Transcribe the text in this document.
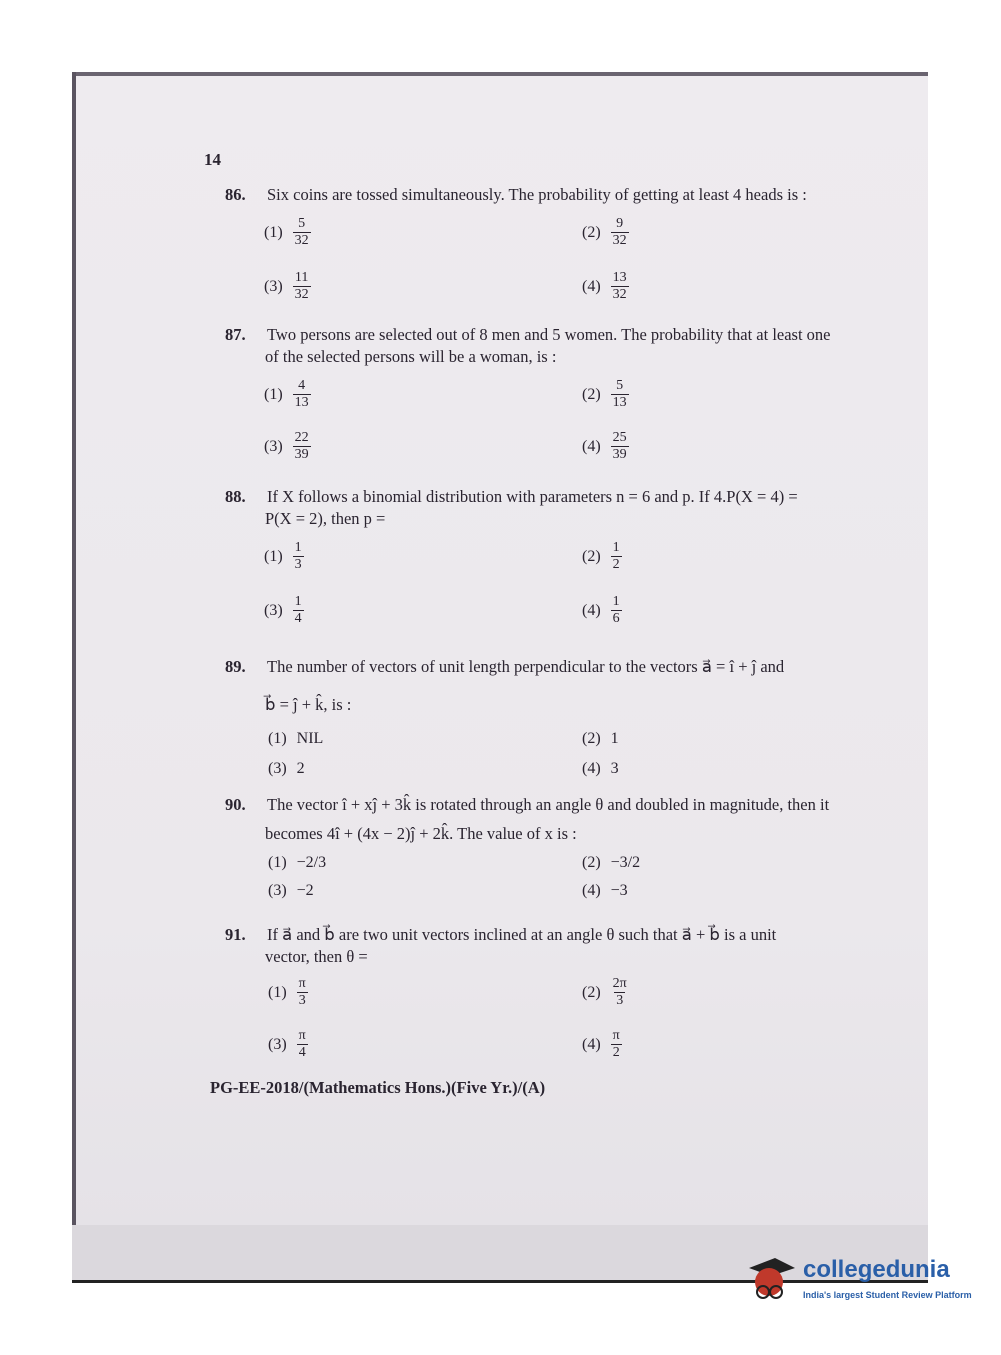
14
86. Six coins are tossed simultaneously. The probability of getting at least 4 heads is :
$(1) \frac{5}{32}$	$(2) \frac{9}{32}$
$(3) \frac{11}{32}$	$(4) \frac{13}{32}$
87. Two persons are selected out of 8 men and 5 women. The probability that at least one
of the selected persons will be a woman, is :
$(1) \frac{4}{13}$	$(2) \frac{5}{13}$
$(3) \frac{22}{39}$	$(4) \frac{25}{39}$
88. If X follows a binomial distribution with parameters n = 6 and p. If 4.P(X = 4) =
P(X = 2), then p =
$(1) \frac{1}{3}$	$(2) \frac{1}{2}$
$(3) \frac{1}{4}$	$(4) \frac{1}{6}$
89. The number of vectors of unit length perpendicular to the vectors a⃗ = î + ĵ and
b⃗ = ĵ + k̂, is :
(1) NIL	(2) 1
(3) 2	(4) 3
90. The vector î + xĵ + 3k̂ is rotated through an angle θ and doubled in magnitude, then it
becomes 4î + (4x − 2)ĵ + 2k̂. The value of x is :
(1) −2/3	(2) −3/2
(3) −2	(4) −3
91. If a⃗ and b⃗ are two unit vectors inclined at an angle θ such that a⃗ + b⃗ is a unit
vector, then θ =
$(1) \frac{\pi}{3}$	$(2) \frac{2\pi}{3}$
$(3) \frac{\pi}{4}$	$(4) \frac{\pi}{2}$
PG-EE-2018/(Mathematics Hons.)(Five Yr.)/(A)
collegedunia
India's largest Student Review Platform
